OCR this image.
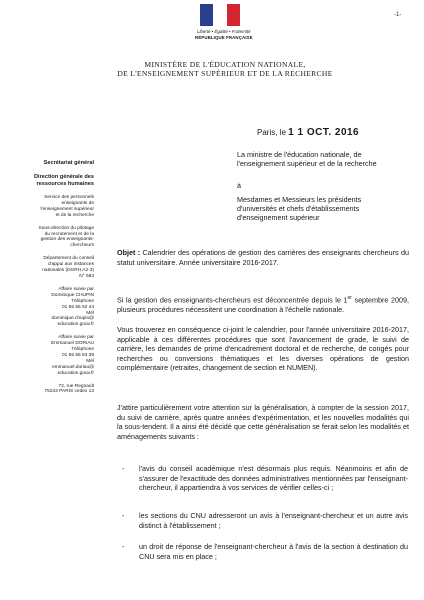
-1-
Liberté • Égalité • Fraternité
RÉPUBLIQUE FRANÇAISE
MINISTÈRE DE L'ÉDUCATION NATIONALE,
DE L'ENSEIGNEMENT SUPÉRIEUR ET DE LA RECHERCHE
Paris, le 1 1 OCT. 2016
La ministre de l'éducation nationale, de
l'enseignement supérieur et de la recherche
à
Mesdames et Messieurs les présidents
d'universités et chefs d'établissements
d'enseignement supérieur
Secrétariat général
Direction générale des
ressources humaines
Service des personnels
enseignants de
l'enseignement supérieur
et de la recherche
Sous-direction du pilotage
du recrutement et de la
gestion des enseignants-
chercheurs
Département du conseil
d'appui aux instances
nationales (DGRH A2-3)
N° 583
Affaire suivie par
Dominique CHUPIN
Téléphone
01 55 55 52 44
Mél
dominique.chupin@
education.gouv.fr
Affaire suivie par
Emmanuel DORIAU
Téléphone
01 55 55 53 39
Mél
emmanuel.doriau@
education.gouv.fr
72, rue Regnault
75243 PARIS cedex 13
Objet : Calendrier des opérations de gestion des carrières des enseignants chercheurs du statut universitaire. Année universitaire 2016-2017.
Si la gestion des enseignants-chercheurs est déconcentrée depuis le 1er septembre 2009, plusieurs procédures nécessitent une coordination à l'échelle nationale.
Vous trouverez en conséquence ci-joint le calendrier, pour l'année universitaire 2016-2017, applicable à ces différentes procédures que sont l'avancement de grade, le suivi de carrière, les demandes de prime d'encadrement doctoral et de recherche, de congés pour recherches ou conversions thématiques et les diverses opérations de gestion complémentaire (retraites, changement de section et NUMEN).
J'attire particulièrement votre attention sur la généralisation, à compter de la session 2017, du suivi de carrière, après quatre années d'expérimentation, et les nouvelles modalités qui la sous-tendent. Il a ainsi été décidé que cette généralisation se ferait selon les modalités et aménagements suivants :
-	l'avis du conseil académique n'est désormais plus requis. Néanmoins et afin de s'assurer de l'exactitude des données administratives mentionnées par l'enseignant-chercheur, il appartiendra à vos services de vérifier celles-ci ;
-	les sections du CNU adresseront un avis à l'enseignant-chercheur et un autre avis distinct à l'établissement ;
-	un droit de réponse de l'enseignant-chercheur à l'avis de la section à destination du CNU sera mis en place ;
